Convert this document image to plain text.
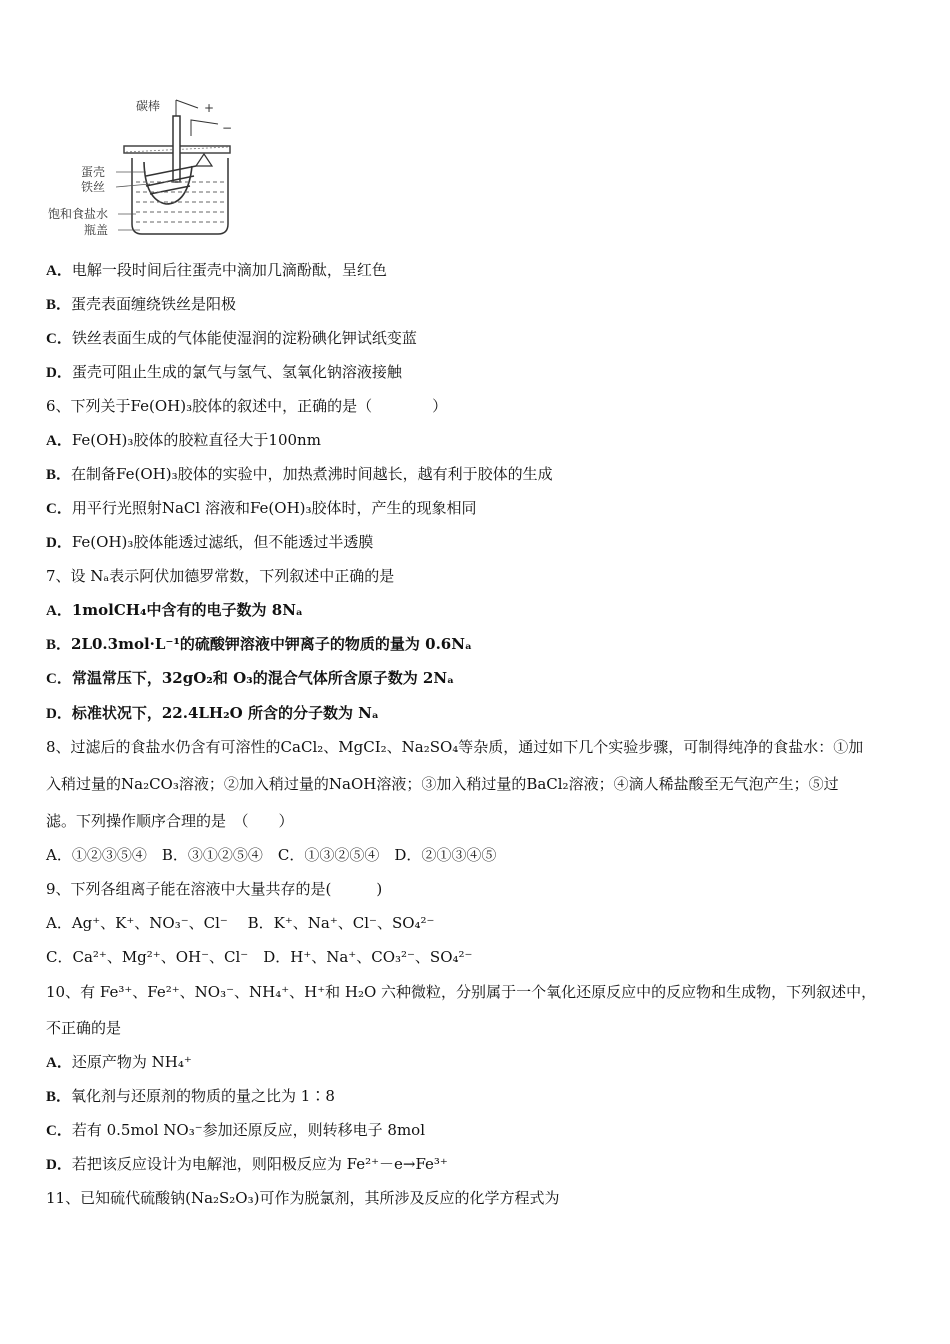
碳棒	+
−
蛋壳
铁丝
饱和食盐水
瓶盖
A．电解一段时间后往蛋壳中滴加几滴酚酞，呈红色
B．蛋壳表面缠绕铁丝是阳极
C．铁丝表面生成的气体能使湿润的淀粉碘化钾试纸变蓝
D．蛋壳可阻止生成的氯气与氢气、氢氧化钠溶液接触
6、下列关于Fe(OH)₃胶体的叙述中，正确的是（　　　　）
A．Fe(OH)₃胶体的胶粒直径大于100nm
B．在制备Fe(OH)₃胶体的实验中，加热煮沸时间越长，越有利于胶体的生成
C．用平行光照射NaCl 溶液和Fe(OH)₃胶体时，产生的现象相同
D．Fe(OH)₃胶体能透过滤纸，但不能透过半透膜
7、设 Nₐ表示阿伏加德罗常数，下列叙述中正确的是
A．1molCH₄中含有的电子数为 8Nₐ
B．2L0.3mol·L⁻¹的硫酸钾溶液中钾离子的物质的量为 0.6Nₐ
C．常温常压下，32gO₂和 O₃的混合气体所含原子数为 2Nₐ
D．标准状况下，22.4LH₂O 所含的分子数为 Nₐ
8、过滤后的食盐水仍含有可溶性的CaCl₂、MgCI₂、Na₂SO₄等杂质，通过如下几个实验步骤，可制得纯净的食盐水：①加
入稍过量的Na₂CO₃溶液；②加入稍过量的NaOH溶液；③加入稍过量的BaCl₂溶液；④滴人稀盐酸至无气泡产生；⑤过
滤。下列操作顺序合理的是　（　　）
A．①②③⑤④　B．③①②⑤④　C．①③②⑤④　D．②①③④⑤
9、下列各组离子能在溶液中大量共存的是(　　　)
A．Ag⁺、K⁺、NO₃⁻、Cl⁻　 B．K⁺、Na⁺、Cl⁻、SO₄²⁻
C．Ca²⁺、Mg²⁺、OH⁻、Cl⁻　D．H⁺、Na⁺、CO₃²⁻、SO₄²⁻
10、有 Fe³⁺、Fe²⁺、NO₃⁻、NH₄⁺、H⁺和 H₂O 六种微粒，分别属于一个氧化还原反应中的反应物和生成物，下列叙述中，
不正确的是
A．还原产物为 NH₄⁺
B．氧化剂与还原剂的物质的量之比为 1∶8
C．若有 0.5mol NO₃⁻参加还原反应，则转移电子 8mol
D．若把该反应设计为电解池，则阳极反应为 Fe²⁺－e→Fe³⁺
11、已知硫代硫酸钠(Na₂S₂O₃)可作为脱氯剂，其所涉及反应的化学方程式为
